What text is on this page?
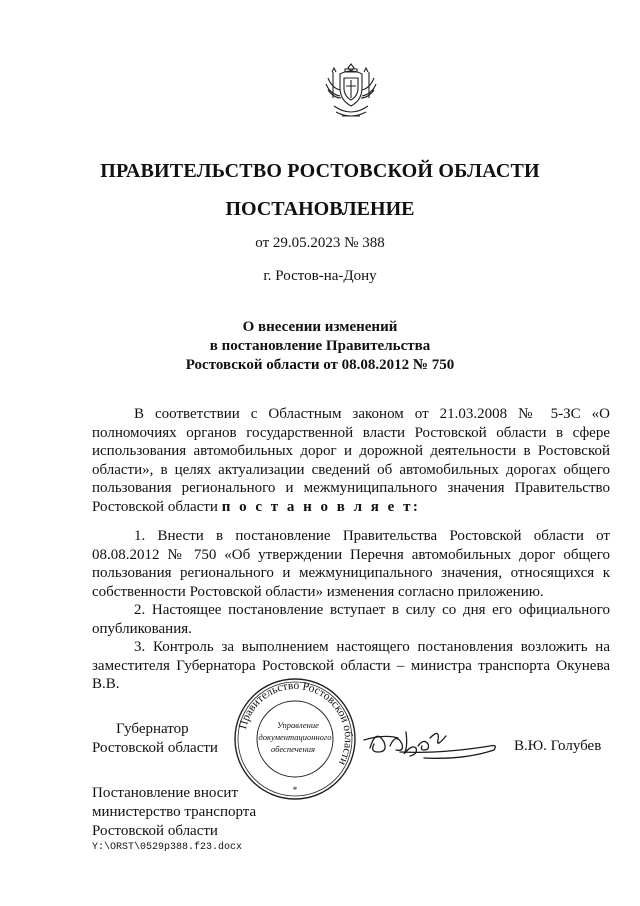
ПРАВИТЕЛЬСТВО РОСТОВСКОЙ ОБЛАСТИ
ПОСТАНОВЛЕНИЕ
от 29.05.2023 № 388
г. Ростов-на-Дону
О внесении изменений
в постановление Правительства
Ростовской области от 08.08.2012 № 750

В соответствии с Областным законом от 21.03.2008 № 5-ЗС «О полномочиях органов государственной власти Ростовской области в сфере использования автомобильных дорог и дорожной деятельности в Ростовской области», в целях актуализации сведений об автомобильных дорогах общего пользования регионального и межмуниципального значения Правительство Ростовской области п о с т а н о в л я е т:

1. Внести в постановление Правительства Ростовской области от 08.08.2012 № 750 «Об утверждении Перечня автомобильных дорог общего пользования регионального и межмуниципального значения, относящихся к собственности Ростовской области» изменения согласно приложению.

2. Настоящее постановление вступает в силу со дня его официального опубликования.

3. Контроль за выполнением настоящего постановления возложить на заместителя Губернатора Ростовской области – министра транспорта Окунева В.В.

Губернатор
Ростовской области
Правительство Ростовской области
Управление
документационного
обеспечения
*
В.Ю. Голубев
Постановление вносит
министерство транспорта
Ростовской области
Y:\ORST\0529p388.f23.docx
